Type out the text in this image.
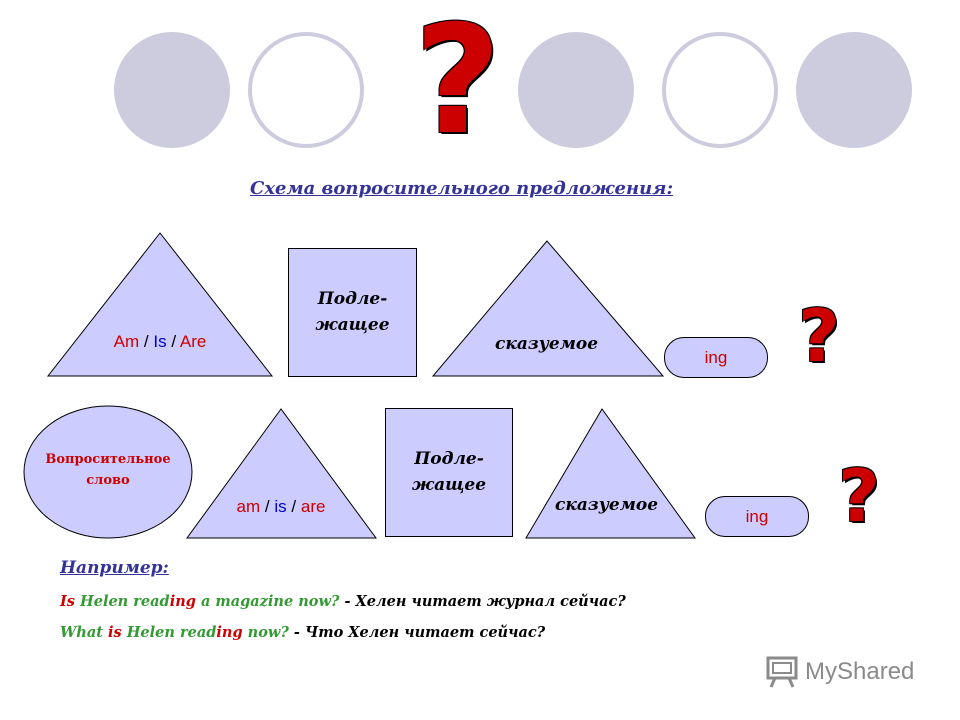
?
Схема вопросительного предложения:
Am / Is / Are
Подле-
жащее
сказуемое
ing ?
Вопросительное
слово
am / is / are
Подле-
жащее
сказуемое
ing ?
Например:
Is Helen reading a magazine now? - Хелен читает журнал сейчас?
What is Helen reading now? - Что Хелен читает сейчас?
MyShared
